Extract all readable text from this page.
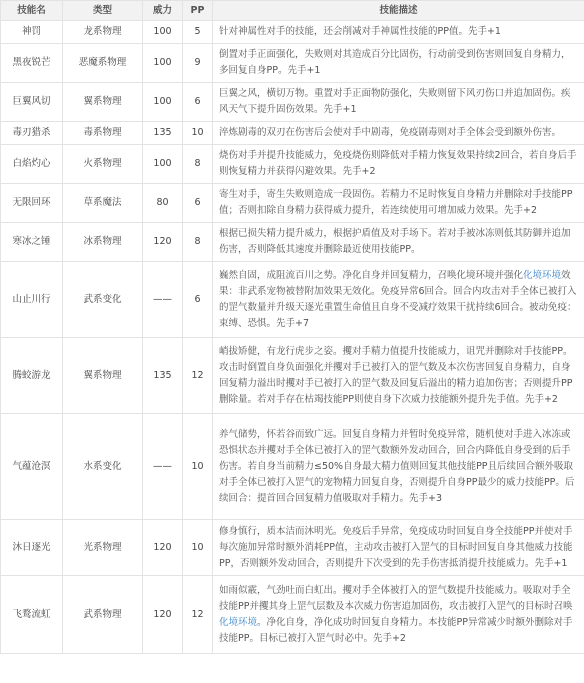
技能名	类型	威力	PP	技能描述
神罚	龙系物理	100	5	针对神属性对手的技能，还会削减对手神属性技能的PP值。先手+1
黑夜锐芒	恶魔系物理	100	9	倒置对手正面强化，失败则对其造成百分比固伤，行动前受到伤害则回复自身精力，多回复自身PP。先手+1
巨翼风切	翼系物理	100	6	巨翼之风，横切万物。重置对手正面物防强化，失败则留下风刃伤口并追加固伤。疾风天气下提升固伤效果。先手+1
毒刃猎杀	毒系物理	135	10	淬炼剧毒的双刃在伤害后会使对手中剧毒，免疫剧毒则对手全体会受到额外伤害。
白焰灼心	火系物理	100	8	烧伤对手并提升技能威力，免疫烧伤则降低对手精力恢复效果持续2回合，若自身后手则恢复精力并获得闪避效果。先手+2
无限回环	草系魔法	80	6	寄生对手，寄生失败则造成一段固伤。若精力不足时恢复自身精力并删除对手技能PP值；否则扣除自身精力获得威力提升，若连续使用可增加威力效果。先手+2
寒冰之锤	冰系物理	120	8	根据已损失精力提升威力，根据护盾值及对手场下。若对手被冰冻则低其防御并追加伤害，否则降低其速度并删除最近使用技能PP。
山止川行	武系变化	——	6	巍然自固，成阻流百川之势。净化自身并回复精力，召唤化境环境并强化化境环境效果：非武系宠物被替附加效果无效化。免疫异常6回合。回合内攻击对手全体已被打入的罡气数量并升级天逐光重置生命值且自身不受减疗效果干扰持续6回合。被动免疫：束缚、恐惧。先手+7
腾蛟游龙	翼系物理	135	12	峭拔矫健，有龙行虎步之姿。攫对手精力值提升技能威力，诅咒并删除对手技能PP。攻击时倒置自身负面强化并攫对手已被打入的罡气数及本次伤害回复自身精力，自身回复精力溢出时攫对手已被打入的罡气数及回复后溢出的精力追加伤害；否则提升PP删除量。若对手存在枯竭技能PP则使自身下次威力技能额外提升先手值。先手+2
气蕴沧溟	水系变化	——	10	养气储势，怀若谷而致广远。回复自身精力并暂时免疫异常，随机使对手进入冰冻或恐惧状态并攫对手全体已被打入的罡气数额外发动回合，回合内降低自身受到的后手伤害。若自身当前精力≤50%自身最大精力值则回复其他技能PP且后续回合额外吸取对手全体已被打入罡气的宠物精力回复自身，否则提升自身PP最少的威力技能PP。后续回合：提首回合回复精力值吸取对手精力。先手+3
沐日逐光	光系物理	120	10	修身慎行，质本洁而沐明光。免疫后手异常，免疫成功时回复自身全技能PP并使对手每次施加异常时额外消耗PP值，主动攻击被打入罡气的目标时回复自身其他威力技能PP，否则额外发动回合，否则提升下次受到的先手伤害抵消提升技能威力。先手+1
飞鹜流虹	武系物理	120	12	如雨似霰，气劲吐而白虹出。攫对手全体被打入的罡气数提升技能威力。吸取对手全技能PP并攫其身上罡气层数及本次威力伤害追加固伤，攻击被打入罡气的目标时召唤化境环境。净化自身，净化成功时回复自身精力。本技能PP异常减少时额外删除对手技能PP。目标已被打入罡气时必中。先手+2
